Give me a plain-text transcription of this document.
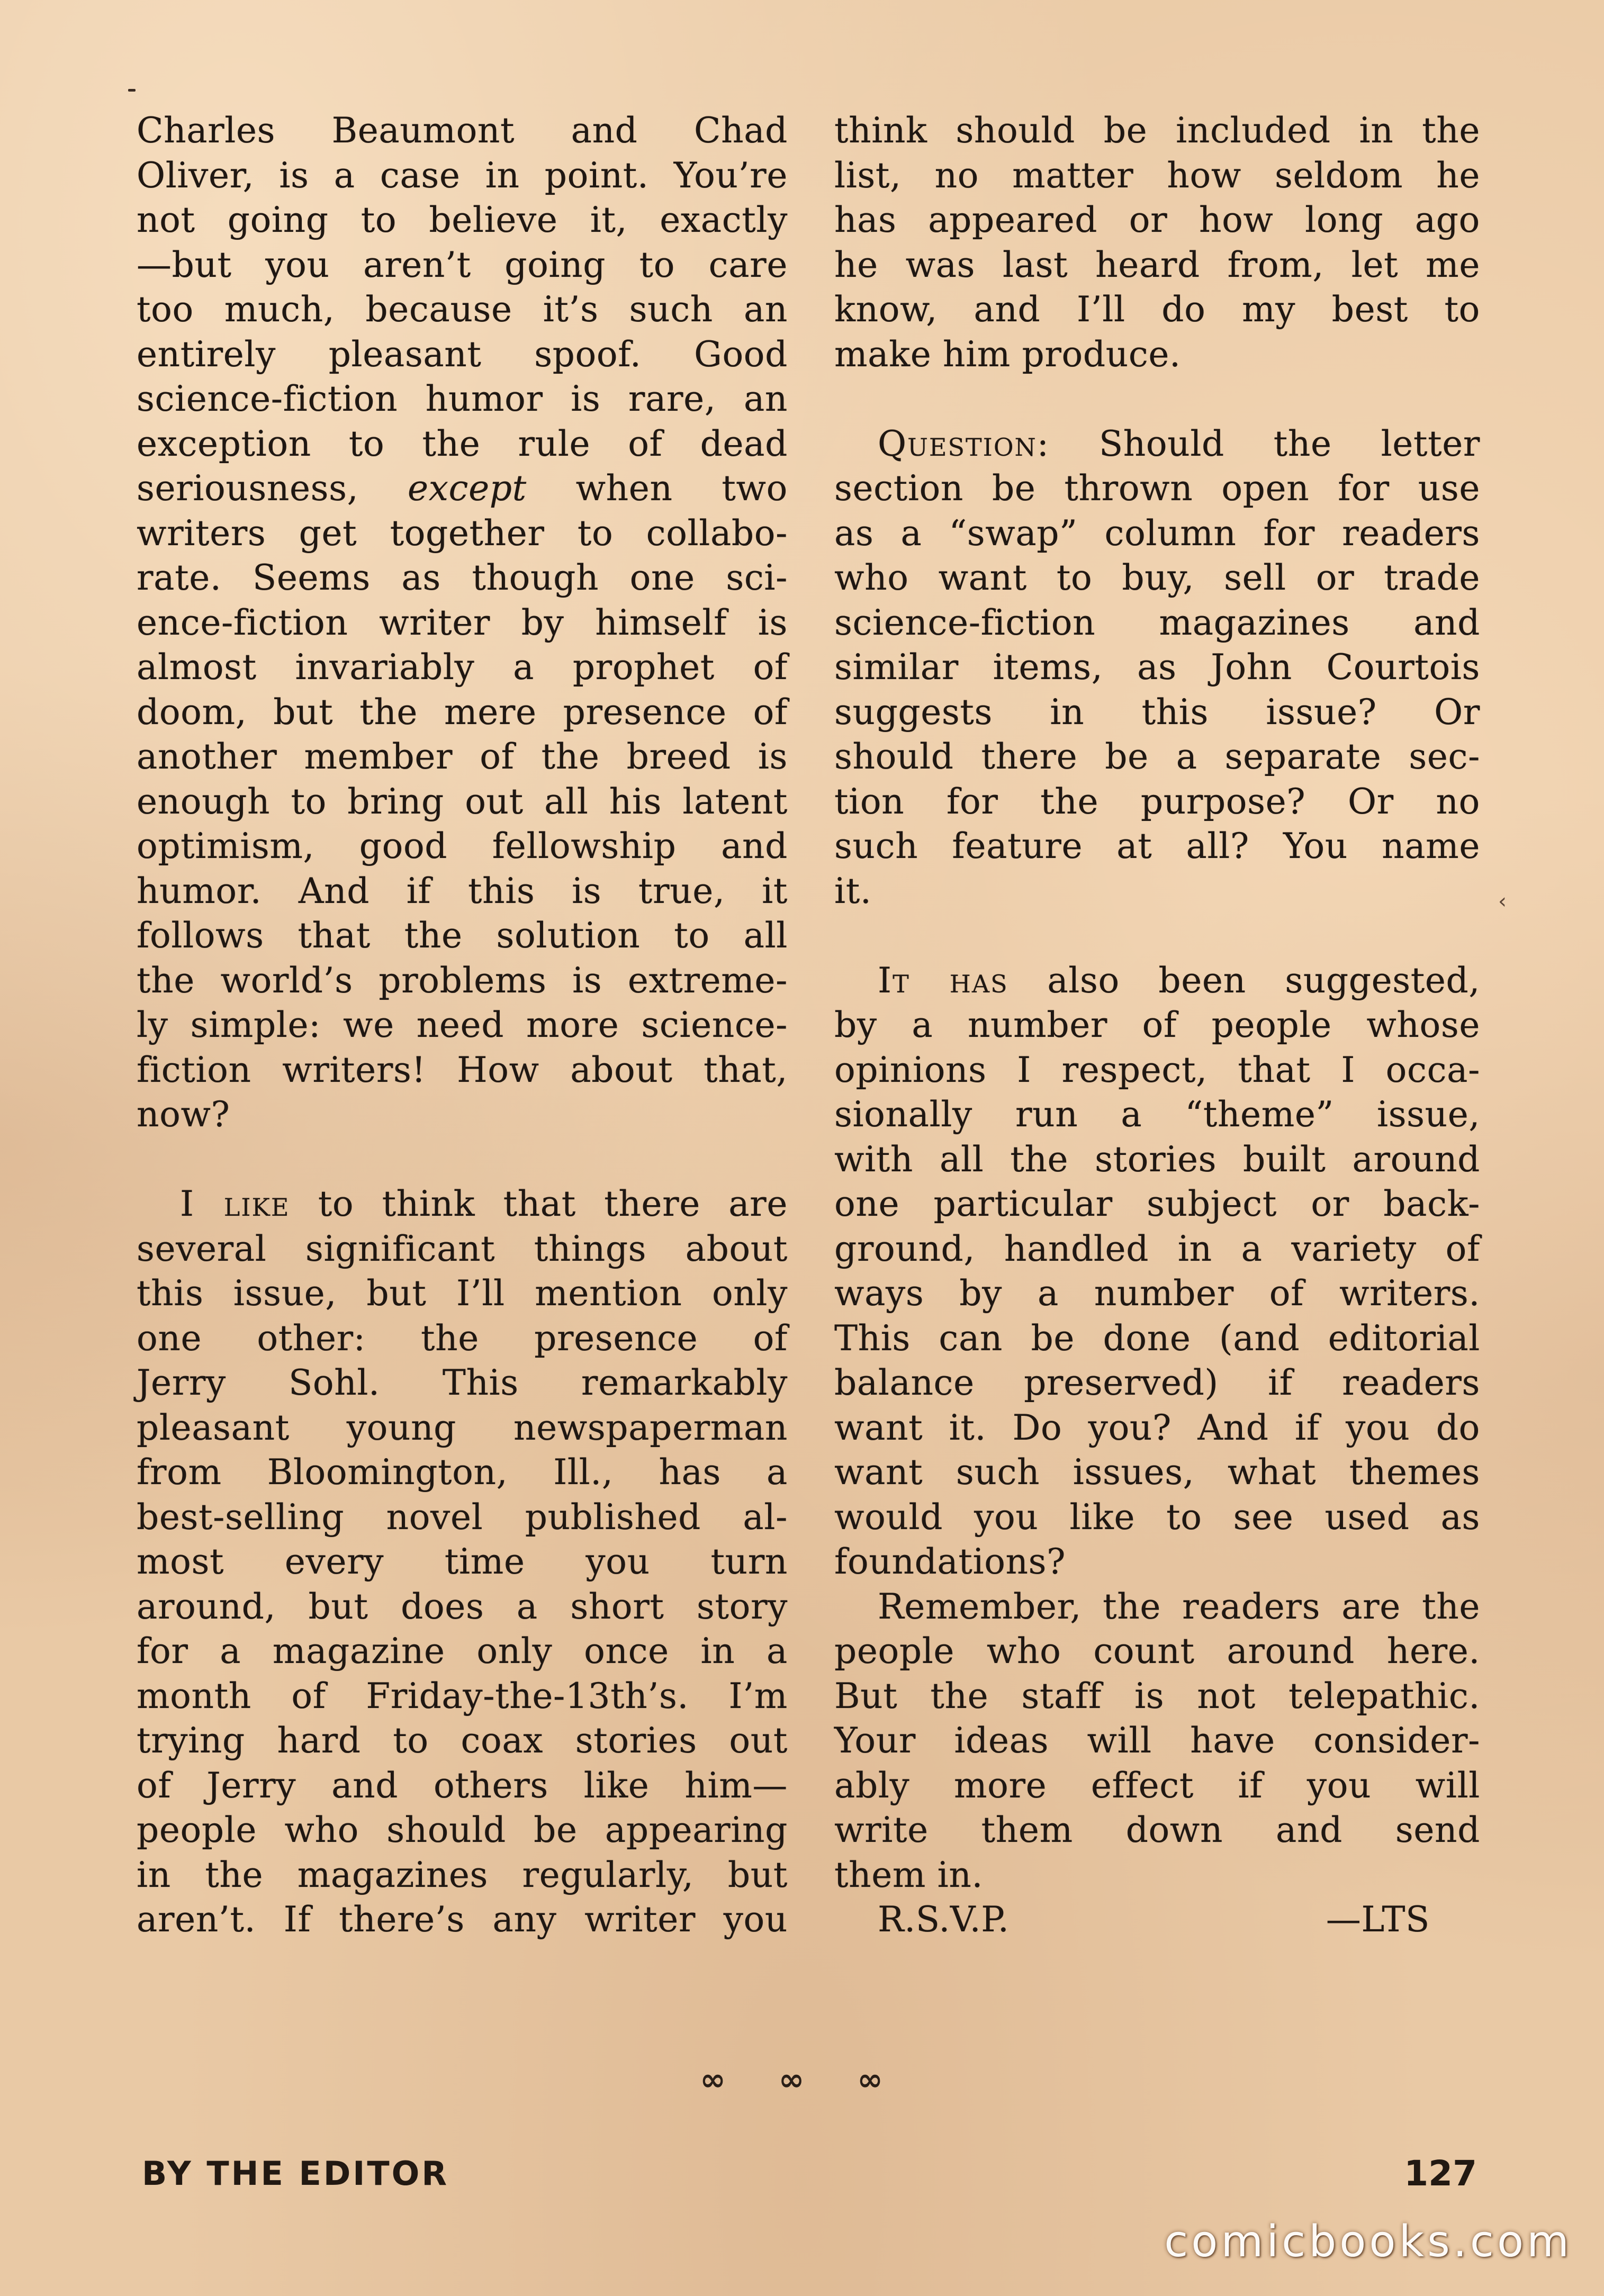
Charles Beaumont and Chad
Oliver, is a case in point. You’re
not going to believe it, exactly
—but you aren’t going to care
too much, because it’s such an
entirely pleasant spoof. Good
science-fiction humor is rare, an
exception to the rule of dead
seriousness, except when two
writers get together to collabo-
rate. Seems as though one sci-
ence-fiction writer by himself is
almost invariably a prophet of
doom, but the mere presence of
another member of the breed is
enough to bring out all his latent
optimism, good fellowship and
humor. And if this is true, it
follows that the solution to all
the world’s problems is extreme-
ly simple: we need more science-
fiction writers! How about that,
now?
I like to think that there are
several significant things about
this issue, but I’ll mention only
one other: the presence of
Jerry Sohl. This remarkably
pleasant young newspaperman
from Bloomington, Ill., has a
best-selling novel published al-
most every time you turn
around, but does a short story
for a magazine only once in a
month of Friday-the-13th’s. I’m
trying hard to coax stories out
of Jerry and others like him—
people who should be appearing
in the magazines regularly, but
aren’t. If there’s any writer you
think should be included in the
list, no matter how seldom he
has appeared or how long ago
he was last heard from, let me
know, and I’ll do my best to
make him produce.
Question: Should the letter
section be thrown open for use
as a “swap” column for readers
who want to buy, sell or trade
science-fiction magazines and
similar items, as John Courtois
suggests in this issue? Or
should there be a separate sec-
tion for the purpose? Or no
such feature at all? You name
it.
It has also been suggested,
by a number of people whose
opinions I respect, that I occa-
sionally run a “theme” issue,
with all the stories built around
one particular subject or back-
ground, handled in a variety of
ways by a number of writers.
This can be done (and editorial
balance preserved) if readers
want it. Do you? And if you do
want such issues, what themes
would you like to see used as
foundations?
Remember, the readers are the
people who count around here.
But the staff is not telepathic.
Your ideas will have consider-
ably more effect if you will
write them down and send
them in.
R.S.V.P.	—LTS
‹
∞ ∞ ∞
BY THE EDITOR	127
comicbooks.com
